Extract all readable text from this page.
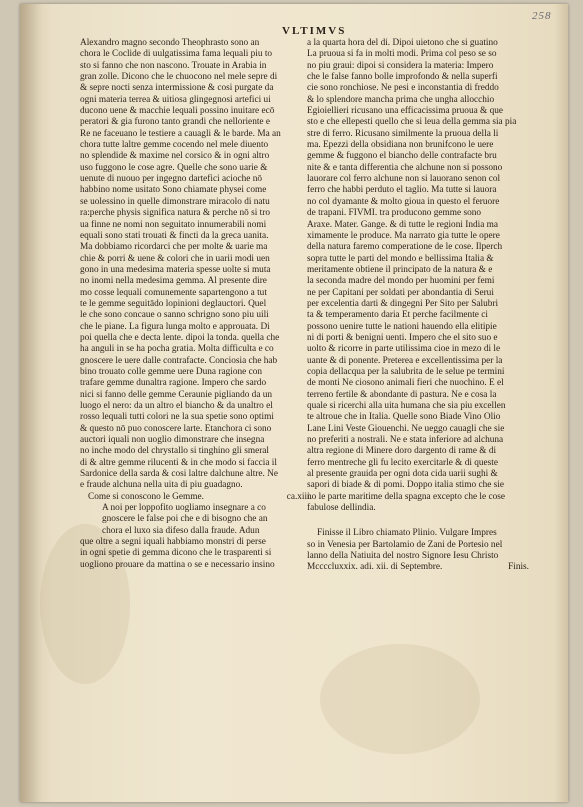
258
VLTIMVS
Alexandro magno secondo Theophrasto sono an
chora le Coclide di uulgatissima fama lequali piu to
sto si fanno che non nascono. Trouate in Arabia in
gran zolle. Dicono che le chuocono nel mele sepre di
& sepre nocti senza intermissione & cosi purgate da
ogni materia terrea & uitiosa glingegnosi artefici ui
ducono uene & macchie lequali possino inuitare ecō
peratori & gia furono tanto grandi che nelloriente e
Re ne faceuano le testiere a cauagli & le barde. Ma an
chora tutte laltre gemme cocendo nel mele diuento
no splendide & maxime nel corsico & in ogni altro
uso fuggono le cose agre. Quelle che sono uarie &
uenute di nuouo per ingegno dartefici acioche nō
habbino nome usitato Sono chiamate physei come
se uolessino in quelle dimonstrare miracolo di natu
ra:perche physis significa natura & perche nō si tro
ua finne ne nomi non seguitato innumerabili nomi
equali sono stati trouati & fincti da la greca uanita.
Ma dobbiamo ricordarci che per molte & uarie ma
chie & porri & uene & colori che in uarii modi uen
gono in una medesima materia spesse uolte si muta
no inomi nella medesima gemma. Al presente dire
mo cosse lequali comunemente sapartengono a tut
te le gemme seguitādo lopinioni deglauctori. Quel
le che sono concaue o sanno schrigno sono piu uili
che le piane. La figura lunga molto e approuata. Di
poi quella che e decta lente. dipoi la tonda. quella che
ha anguli in se ha pocha gratia. Molta difficulta e co
gnoscere le uere dalle contrafacte. Conciosia che hab
bino trouato colle gemme uere Duna ragione con
trafare gemme dunaltra ragione. Impero che sardo
nici si fanno delle gemme Ceraunie pigliando da un
luogo el nero: da un altro el biancho & da unaltro el
rosso lequali tutti colori ne la sua spetie sono optimi
& questo nō puo conoscere larte. Etanchora ci sono
auctori iquali non uoglio dimonstrare che insegna
no inche modo del chrystallo si tinghino gli smeral
di & altre gemme rilucenti & in che modo si faccia il
Sardonice della sarda & cosi laltre dalchune altre. Ne
e fraude alchuna nella uita di piu guadagno.
Come si conoscono le Gemme.	ca.xiii.
A noi per loppofito uogliamo insegnare a co
gnoscere le false poi che e di bisogno che an
chora el luxo sia difeso dalla fraude. Adun
que oltre a segni iquali habbiamo monstri di perse
in ogni spetie di gemma dicono che le trasparenti si
uogliono prouare da mattina o se e necessario insino
a la quarta hora del di. Dipoi uietono che si guatino
La pruoua si fa in molti modi. Prima col peso se so
no piu graui: dipoi si considera la materia: Impero
che le false fanno bolle improfondo & nella superfi
cie sono ronchiose. Ne pesi e inconstantia di freddo
& lo splendore mancha prima che ungha allocchio
Egioiellieri ricusano una efficacissima pruoua & que
sto e che ellepesti quello che si leua della gemma sia pia
stre di ferro. Ricusano similmente la pruoua della li
ma. Epezzi della obsidiana non brunifcono le uere
gemme & fuggono el biancho delle contrafacte bru
nite & e tanta differentia che alchune non si possono
lauorare col ferro alchune non si lauorano senon col
ferro che habbi perduto el taglio. Ma tutte si lauora
no col dyamante & molto gioua in questo el feruore
de trapani. FIVMI. tra producono gemme sono
Araxe. Mater. Gange. & di tutte le regioni India ma
ximamente le produce. Ma narrato gia tutte le opere
della natura faremo comperatione de le cose. Ilperch
sopra tutte le parti del mondo e bellissima Italia &
meritamente obtiene il principato de la natura & e
la seconda madre del mondo per huomini per femi
ne per Capitani per soldati per abondantia di Serui
per excelentia darti & dingegni Per Sito per Salubri
ta & temperamento daria Et perche facilmente ci
possono uenire tutte le nationi hauendo ella elitipie
ni di porti & benigni uenti. Impero che el sito suo e
uolto & ricorre in parte utilissima cioe in mezo di le
uante & di ponente. Preterea e excellentissima per la
copia dellacqua per la salubrita de le selue pe termini
de monti Ne ciosono animali fieri che nuochino. E el
terreno fertile & abondante di pastura. Ne e cosa la
quale si ricerchi alla uita humana che sia piu excellen
te altroue che in Italia. Quelle sono Biade Vino Olio
Lane Lini Veste Giouenchi. Ne ueggo cauagli che sie
no preferiti a nostrali. Ne e stata inferiore ad alchuna
altra regione di Minere doro dargento di rame & di
ferro mentreche gli fu lecito exercitarle & di queste
al presente grauida per ogni dota cida uarii sughi &
sapori di biade & di pomi. Doppo italia stimo che sie
no le parte maritime della spagna excepto che le cose
fabulose dellindia.
Finisse il Libro chiamato Plinio. Vulgare Impres
so in Venesia per Bartolamio de Zani de Portesio nel
lanno della Natiuita del nostro Signore Iesu Christo
Mccccluxxix. adi. xii. di Septembre.	Finis.
